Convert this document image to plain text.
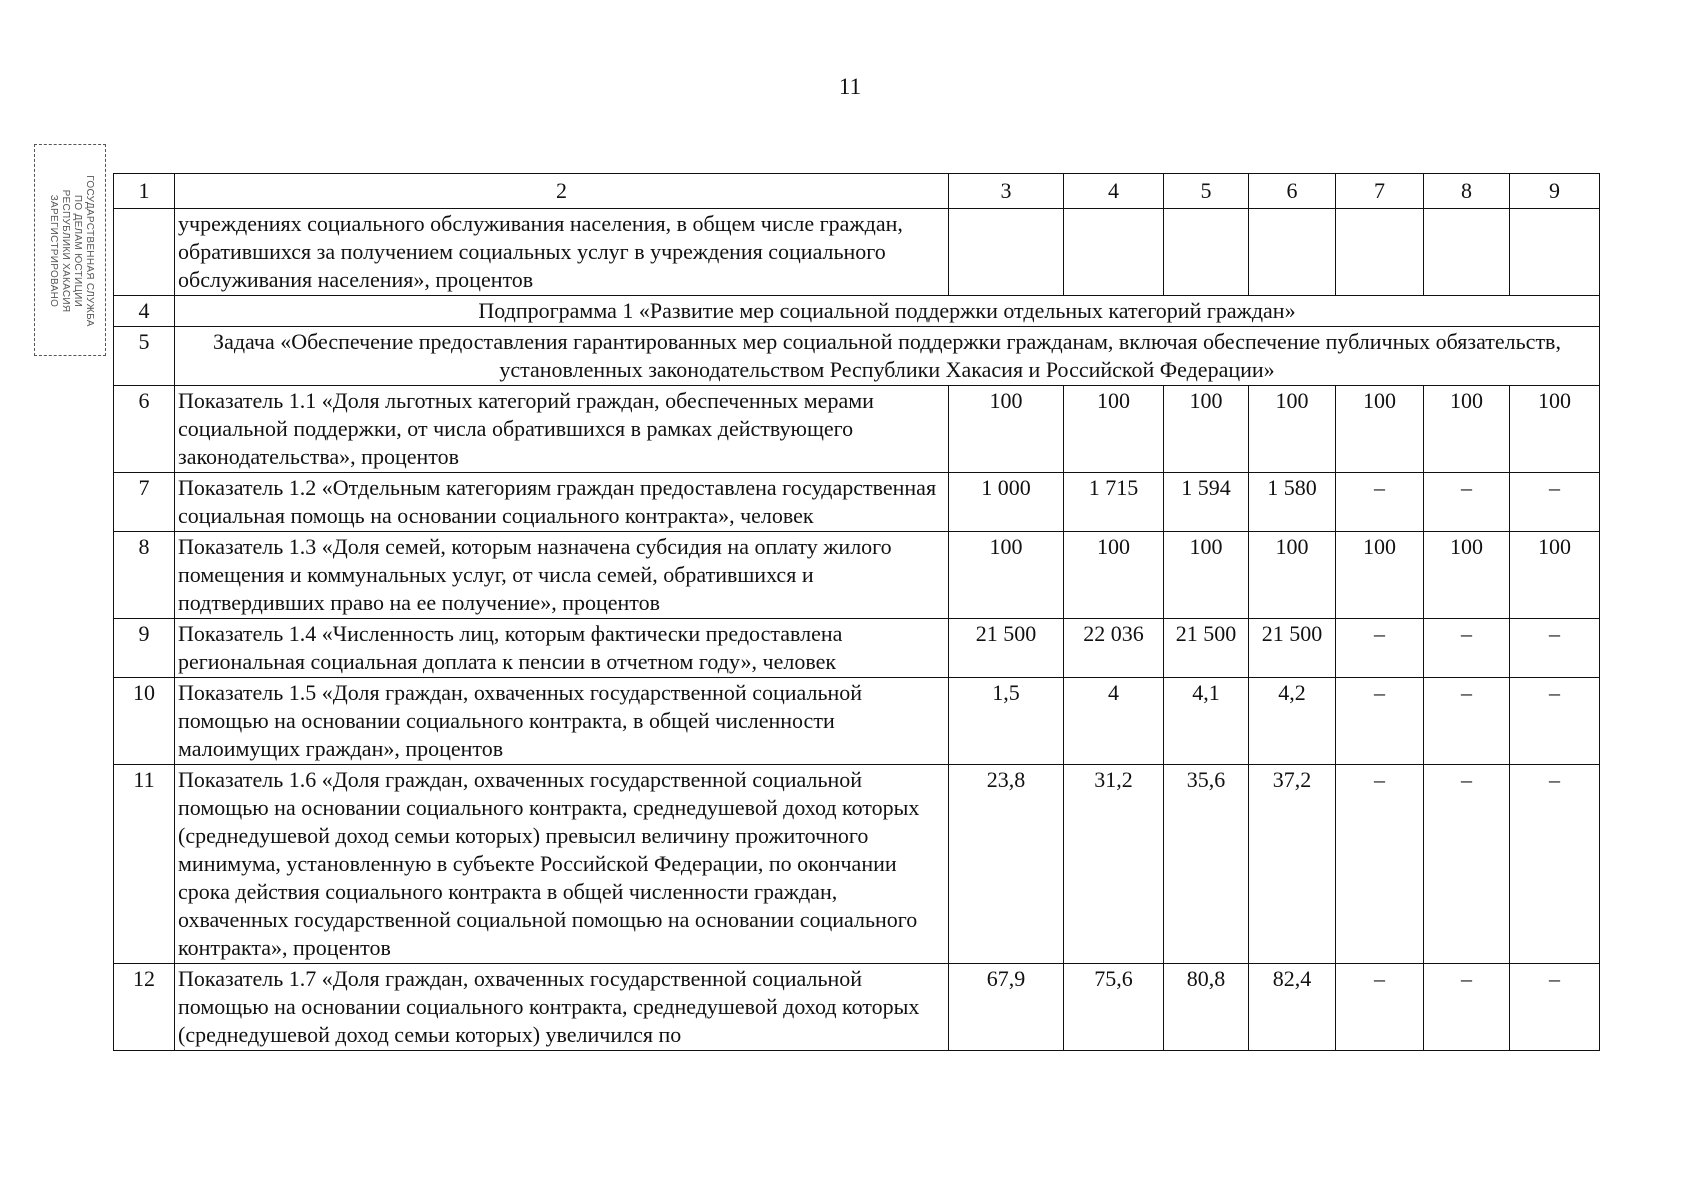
11
ГОСУДАРСТВЕННАЯ СЛУЖБА
ПО ДЕЛАМ ЮСТИЦИИ
РЕСПУБЛИКИ ХАКАСИЯ
ЗАРЕГИСТРИРОВАНО
1	2	3	4	5	6	7	8	9
	учреждениях социального обслуживания населения, в общем числе граждан, обратившихся за получением социальных услуг в учреждения социального обслуживания населения», процентов							
4	Подпрограмма 1 «Развитие мер социальной поддержки отдельных категорий граждан»							
5	Задача «Обеспечение предоставления гарантированных мер социальной поддержки гражданам, включая обеспечение публичных обязательств, установленных законодательством Республики Хакасия и Российской Федерации»							
6	Показатель 1.1 «Доля льготных категорий граждан, обеспеченных мерами социальной поддержки, от числа обратившихся в рамках действующего законодательства», процентов	100	100	100	100	100	100	100
7	Показатель 1.2 «Отдельным категориям граждан предоставлена государственная социальная помощь на основании социального контракта», человек	1 000	1 715	1 594	1 580	–	–	–
8	Показатель 1.3 «Доля семей, которым назначена субсидия на оплату жилого помещения и коммунальных услуг, от числа семей, обратившихся и подтвердивших право на ее получение», процентов	100	100	100	100	100	100	100
9	Показатель 1.4 «Численность лиц, которым фактически предоставлена региональная социальная доплата к пенсии в отчетном году», человек	21 500	22 036	21 500	21 500	–	–	–
10	Показатель 1.5 «Доля граждан, охваченных государственной социальной помощью на основании социального контракта, в общей численности малоимущих граждан», процентов	1,5	4	4,1	4,2	–	–	–
11	Показатель 1.6 «Доля граждан, охваченных государственной социальной помощью на основании социального контракта, среднедушевой доход которых (среднедушевой доход семьи которых) превысил величину прожиточного минимума, установленную в субъекте Российской Федерации, по окончании срока действия социального контракта в общей численности граждан, охваченных государственной социальной помощью на основании социального контракта», процентов	23,8	31,2	35,6	37,2	–	–	–
12	Показатель 1.7 «Доля граждан, охваченных государственной социальной помощью на основании социального контракта, среднедушевой доход которых (среднедушевой доход семьи которых) увеличился по	67,9	75,6	80,8	82,4	–	–	–
